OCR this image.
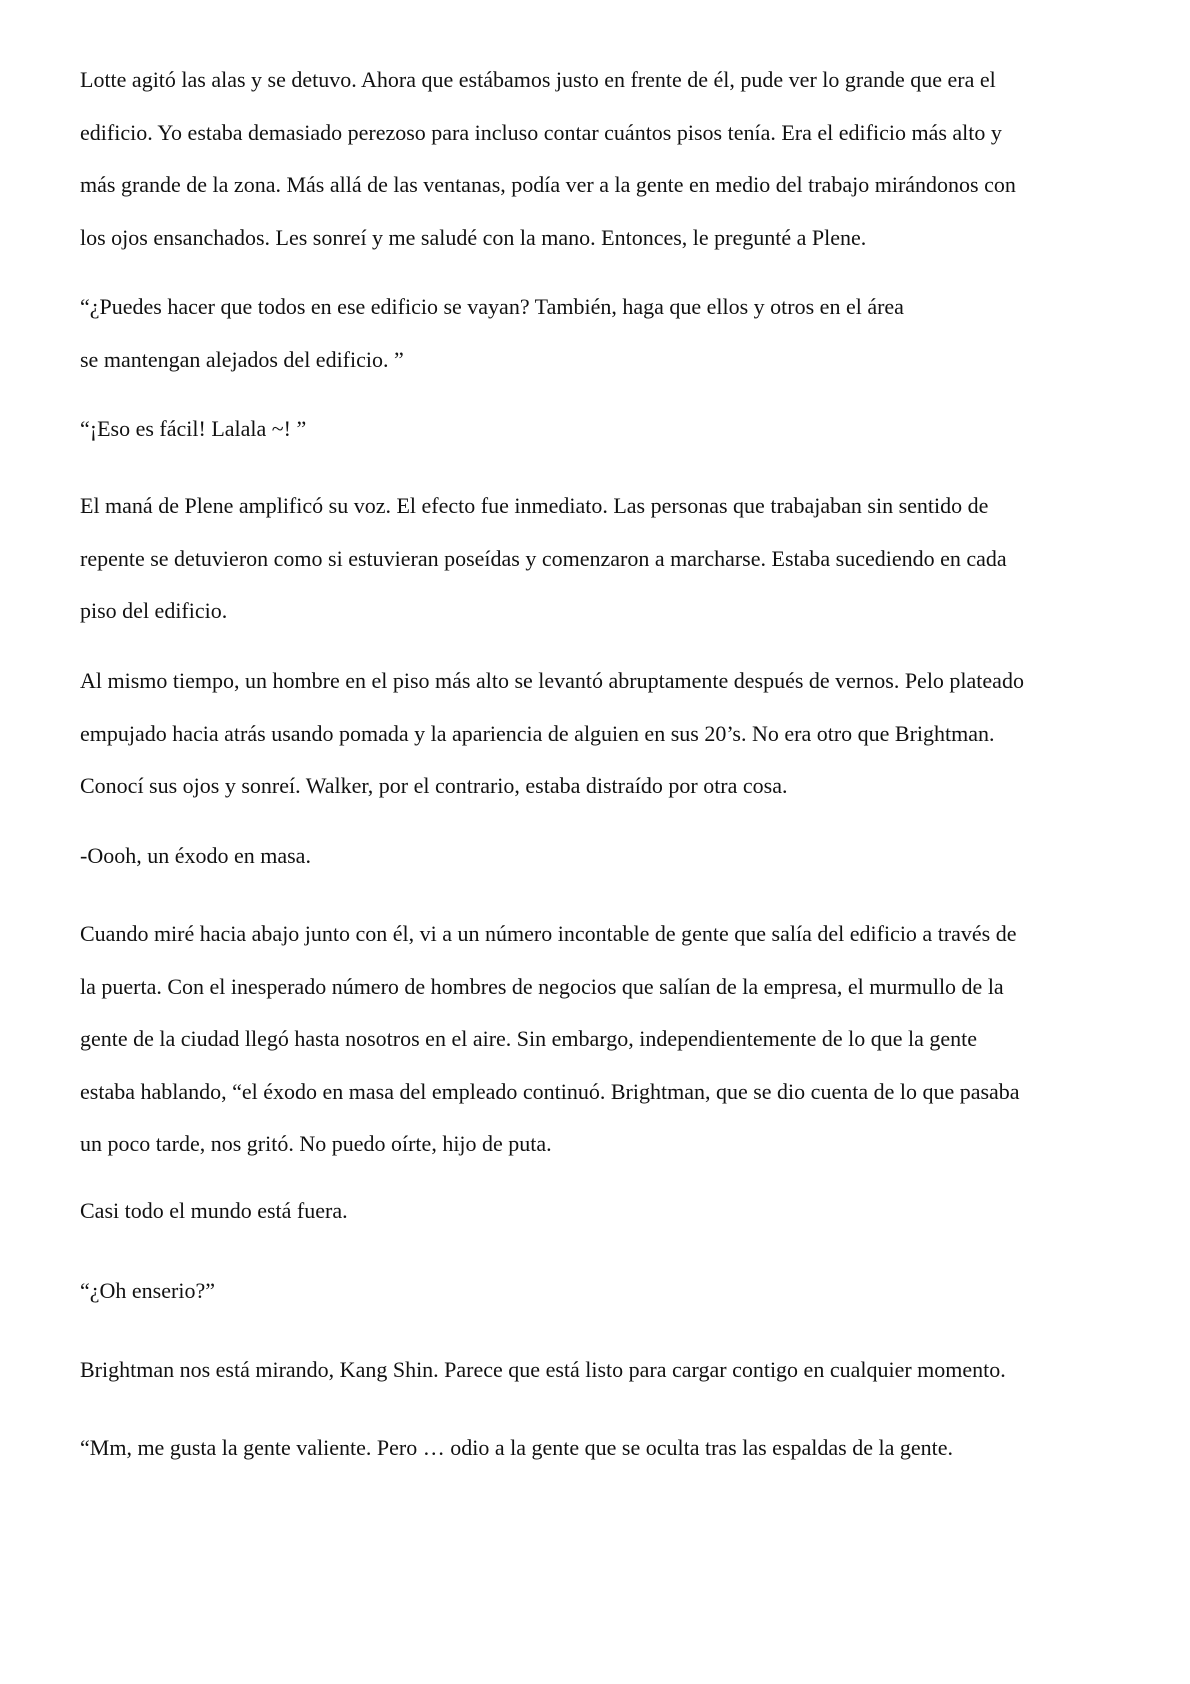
Lotte agitó las alas y se detuvo. Ahora que estábamos justo en frente de él, pude ver lo grande que era el
edificio. Yo estaba demasiado perezoso para incluso contar cuántos pisos tenía. Era el edificio más alto y
más grande de la zona. Más allá de las ventanas, podía ver a la gente en medio del trabajo mirándonos con
los ojos ensanchados. Les sonreí y me saludé con la mano. Entonces, le pregunté a Plene.

“¿Puedes hacer que todos en ese edificio se vayan? También, haga que ellos y otros en el área
se mantengan alejados del edificio. ”

“¡Eso es fácil! Lalala ~! ”

El maná de Plene amplificó su voz. El efecto fue inmediato. Las personas que trabajaban sin sentido de
repente se detuvieron como si estuvieran poseídas y comenzaron a marcharse. Estaba sucediendo en cada
piso del edificio.

Al mismo tiempo, un hombre en el piso más alto se levantó abruptamente después de vernos. Pelo plateado
empujado hacia atrás usando pomada y la apariencia de alguien en sus 20’s. No era otro que Brightman.
Conocí sus ojos y sonreí. Walker, por el contrario, estaba distraído por otra cosa.

-Oooh, un éxodo en masa.

Cuando miré hacia abajo junto con él, vi a un número incontable de gente que salía del edificio a través de
la puerta. Con el inesperado número de hombres de negocios que salían de la empresa, el murmullo de la
gente de la ciudad llegó hasta nosotros en el aire. Sin embargo, independientemente de lo que la gente
estaba hablando, “el éxodo en masa del empleado continuó. Brightman, que se dio cuenta de lo que pasaba
un poco tarde, nos gritó. No puedo oírte, hijo de puta.

Casi todo el mundo está fuera.

“¿Oh enserio?”

Brightman nos está mirando, Kang Shin. Parece que está listo para cargar contigo en cualquier momento.

“Mm, me gusta la gente valiente. Pero … odio a la gente que se oculta tras las espaldas de la gente.
